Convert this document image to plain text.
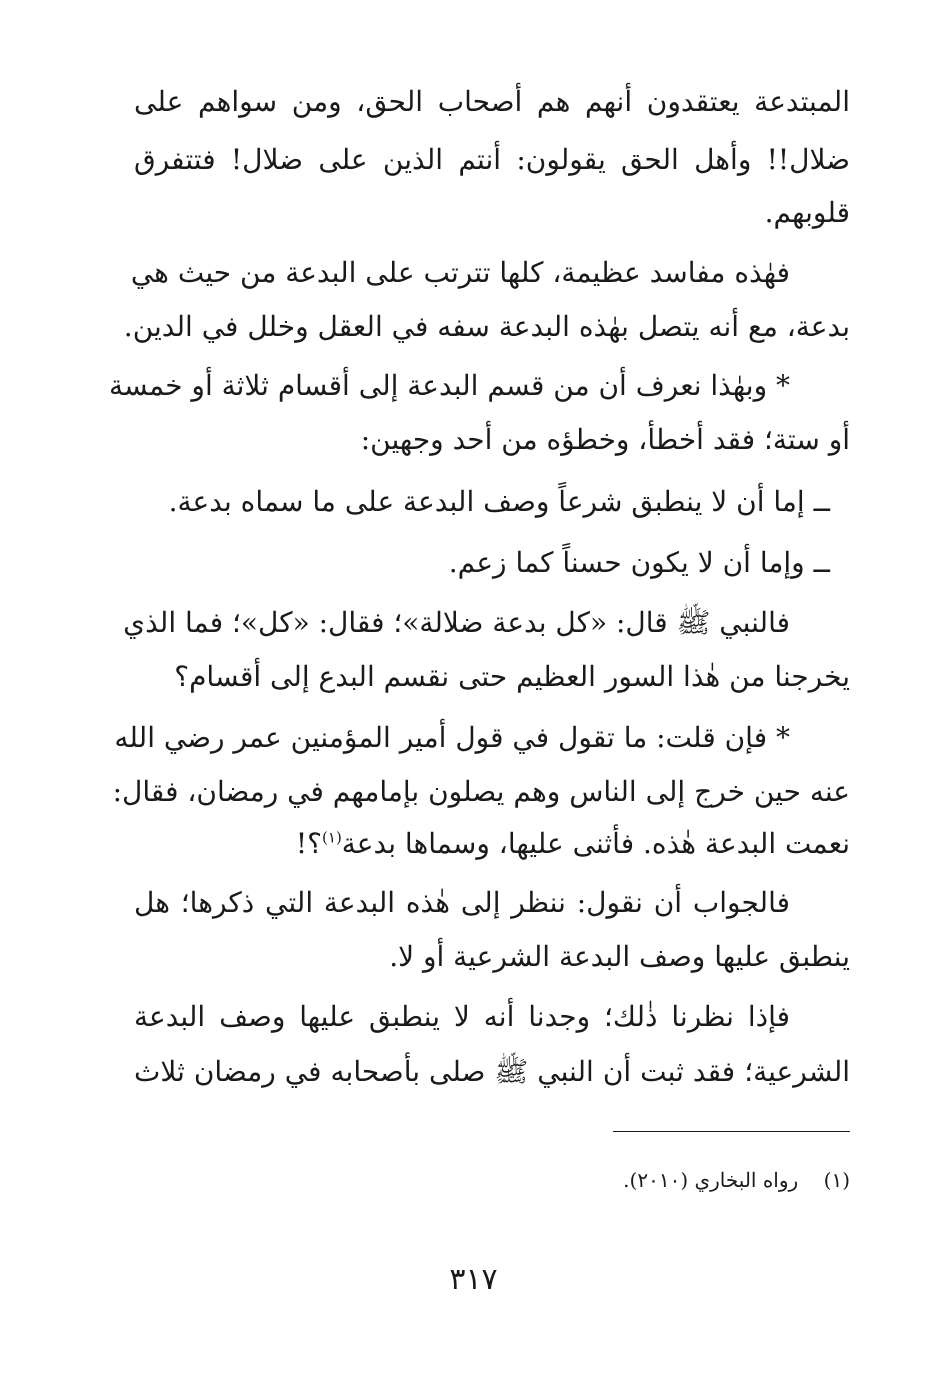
المبتدعة يعتقدون أنهم هم أصحاب الحق، ومن سواهم على
ضلال!! وأهل الحق يقولون: أنتم الذين على ضلال! فتتفرق
قلوبهم.
فهٰذه مفاسد عظيمة، كلها تترتب على البدعة من حيث هي
بدعة، مع أنه يتصل بهٰذه البدعة سفه في العقل وخلل في الدين.
* وبهٰذا نعرف أن من قسم البدعة إلى أقسام ثلاثة أو خمسة
أو ستة؛ فقد أخطأ، وخطؤه من أحد وجهين:
ــ إما أن لا ينطبق شرعاً وصف البدعة على ما سماه بدعة.
ــ وإما أن لا يكون حسناً كما زعم.
فالنبي ﷺ قال: «كل بدعة ضلالة»؛ فقال: «كل»؛ فما الذي
يخرجنا من هٰذا السور العظيم حتى نقسم البدع إلى أقسام؟
* فإن قلت: ما تقول في قول أمير المؤمنين عمر رضي الله
عنه حين خرج إلى الناس وهم يصلون بإمامهم في رمضان، فقال:
نعمت البدعة هٰذه. فأثنى عليها، وسماها بدعة$^{(١)}$؟!
فالجواب أن نقول: ننظر إلى هٰذه البدعة التي ذكرها؛ هل
ينطبق عليها وصف البدعة الشرعية أو لا.
فإذا نظرنا ذٰلك؛ وجدنا أنه لا ينطبق عليها وصف البدعة
الشرعية؛ فقد ثبت أن النبي ﷺ صلى بأصحابه في رمضان ثلاث
(١)    رواه البخاري (٢٠١٠).
٣١٧
